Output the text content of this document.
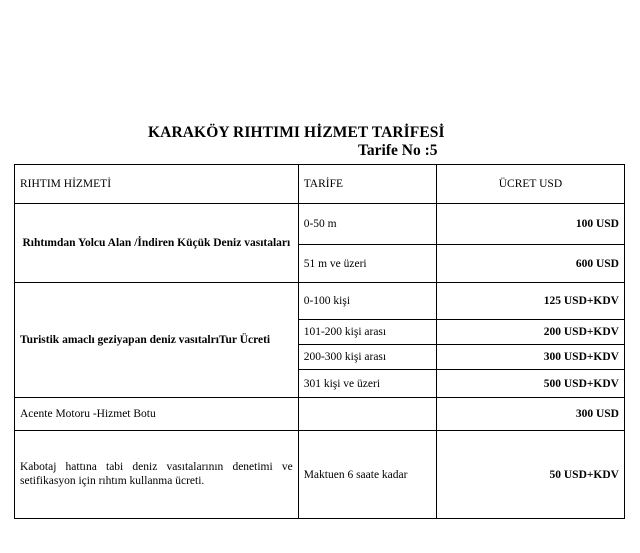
KARAKÖY RIHTIMI HİZMET TARİFESİ
Tarife No :5
RIHTIM HİZMETİ	TARİFE	ÜCRET USD
Rıhtımdan Yolcu Alan /İndiren Küçük Deniz vasıtaları	0-50 m	100 USD
	51 m ve üzeri	600 USD
Turistik amaclı geziyapan deniz vasıtalrıTur Ücreti	0-100 kişi	125 USD+KDV
	101-200 kişi arası	200 USD+KDV
	200-300 kişi arası	300 USD+KDV
	301 kişi ve üzeri	500 USD+KDV
Acente Motoru -Hizmet Botu		300 USD
Kabotaj hattına tabi deniz vasıtalarının denetimi ve setifikasyon için rıhtım kullanma ücreti.	Maktuen 6 saate kadar	50 USD+KDV
